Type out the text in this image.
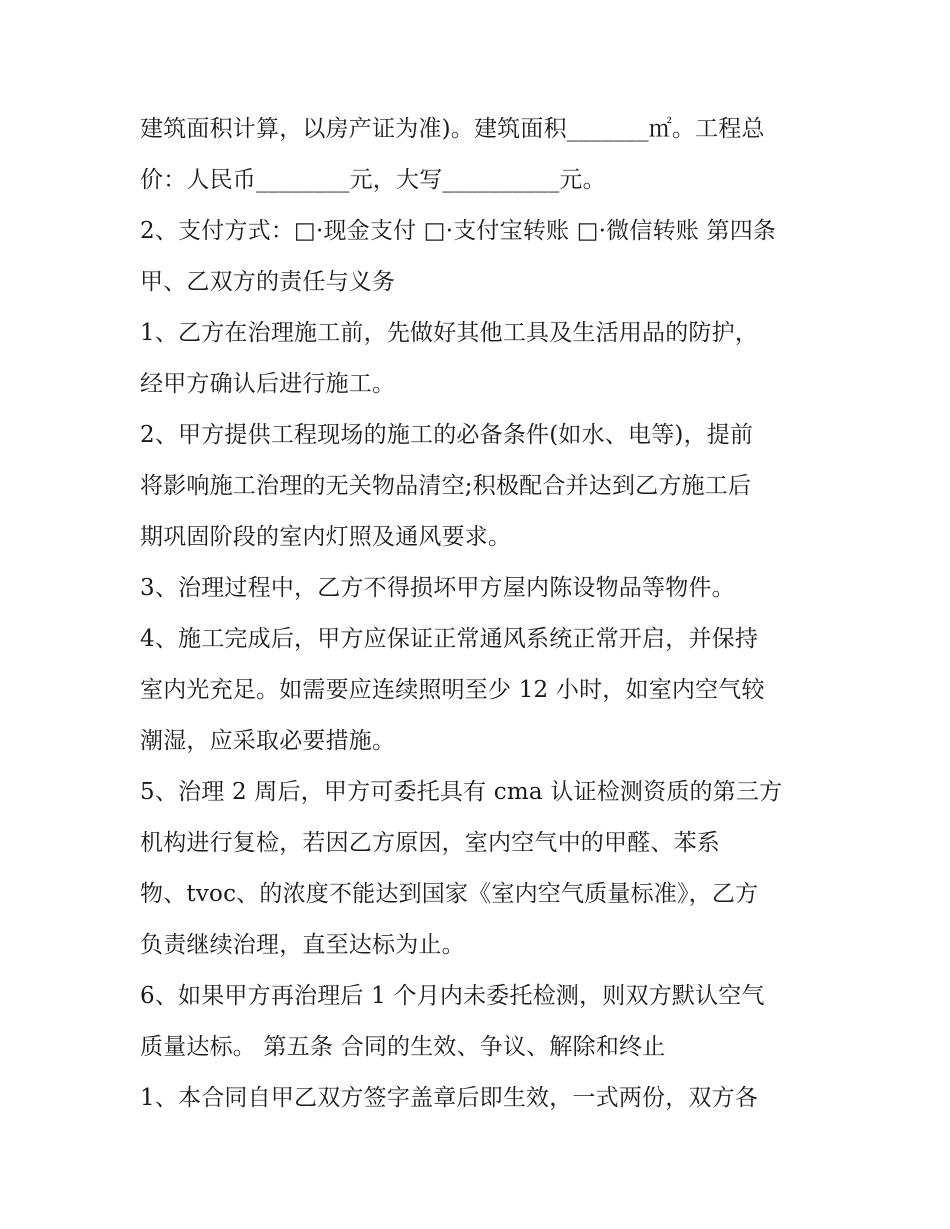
建筑面积计算，以房产证为准)。建筑面积_______㎡。工程总
价：人民币________元，大写__________元。
2、支付方式：□·现金支付 □·支付宝转账 □·微信转账 第四条
甲、乙双方的责任与义务
1、乙方在治理施工前，先做好其他工具及生活用品的防护，
经甲方确认后进行施工。
2、甲方提供工程现场的施工的必备条件(如水、电等)，提前
将影响施工治理的无关物品清空;积极配合并达到乙方施工后
期巩固阶段的室内灯照及通风要求。
3、治理过程中，乙方不得损坏甲方屋内陈设物品等物件。
4、施工完成后，甲方应保证正常通风系统正常开启，并保持
室内光充足。如需要应连续照明至少 12 小时，如室内空气较
潮湿，应采取必要措施。
5、治理 2 周后，甲方可委托具有 cma 认证检测资质的第三方
机构进行复检，若因乙方原因，室内空气中的甲醛、苯系
物、tvoc、的浓度不能达到国家《室内空气质量标准》，乙方
负责继续治理，直至达标为止。
6、如果甲方再治理后 1 个月内未委托检测，则双方默认空气
质量达标。 第五条 合同的生效、争议、解除和终止
1、本合同自甲乙双方签字盖章后即生效，一式两份，双方各
